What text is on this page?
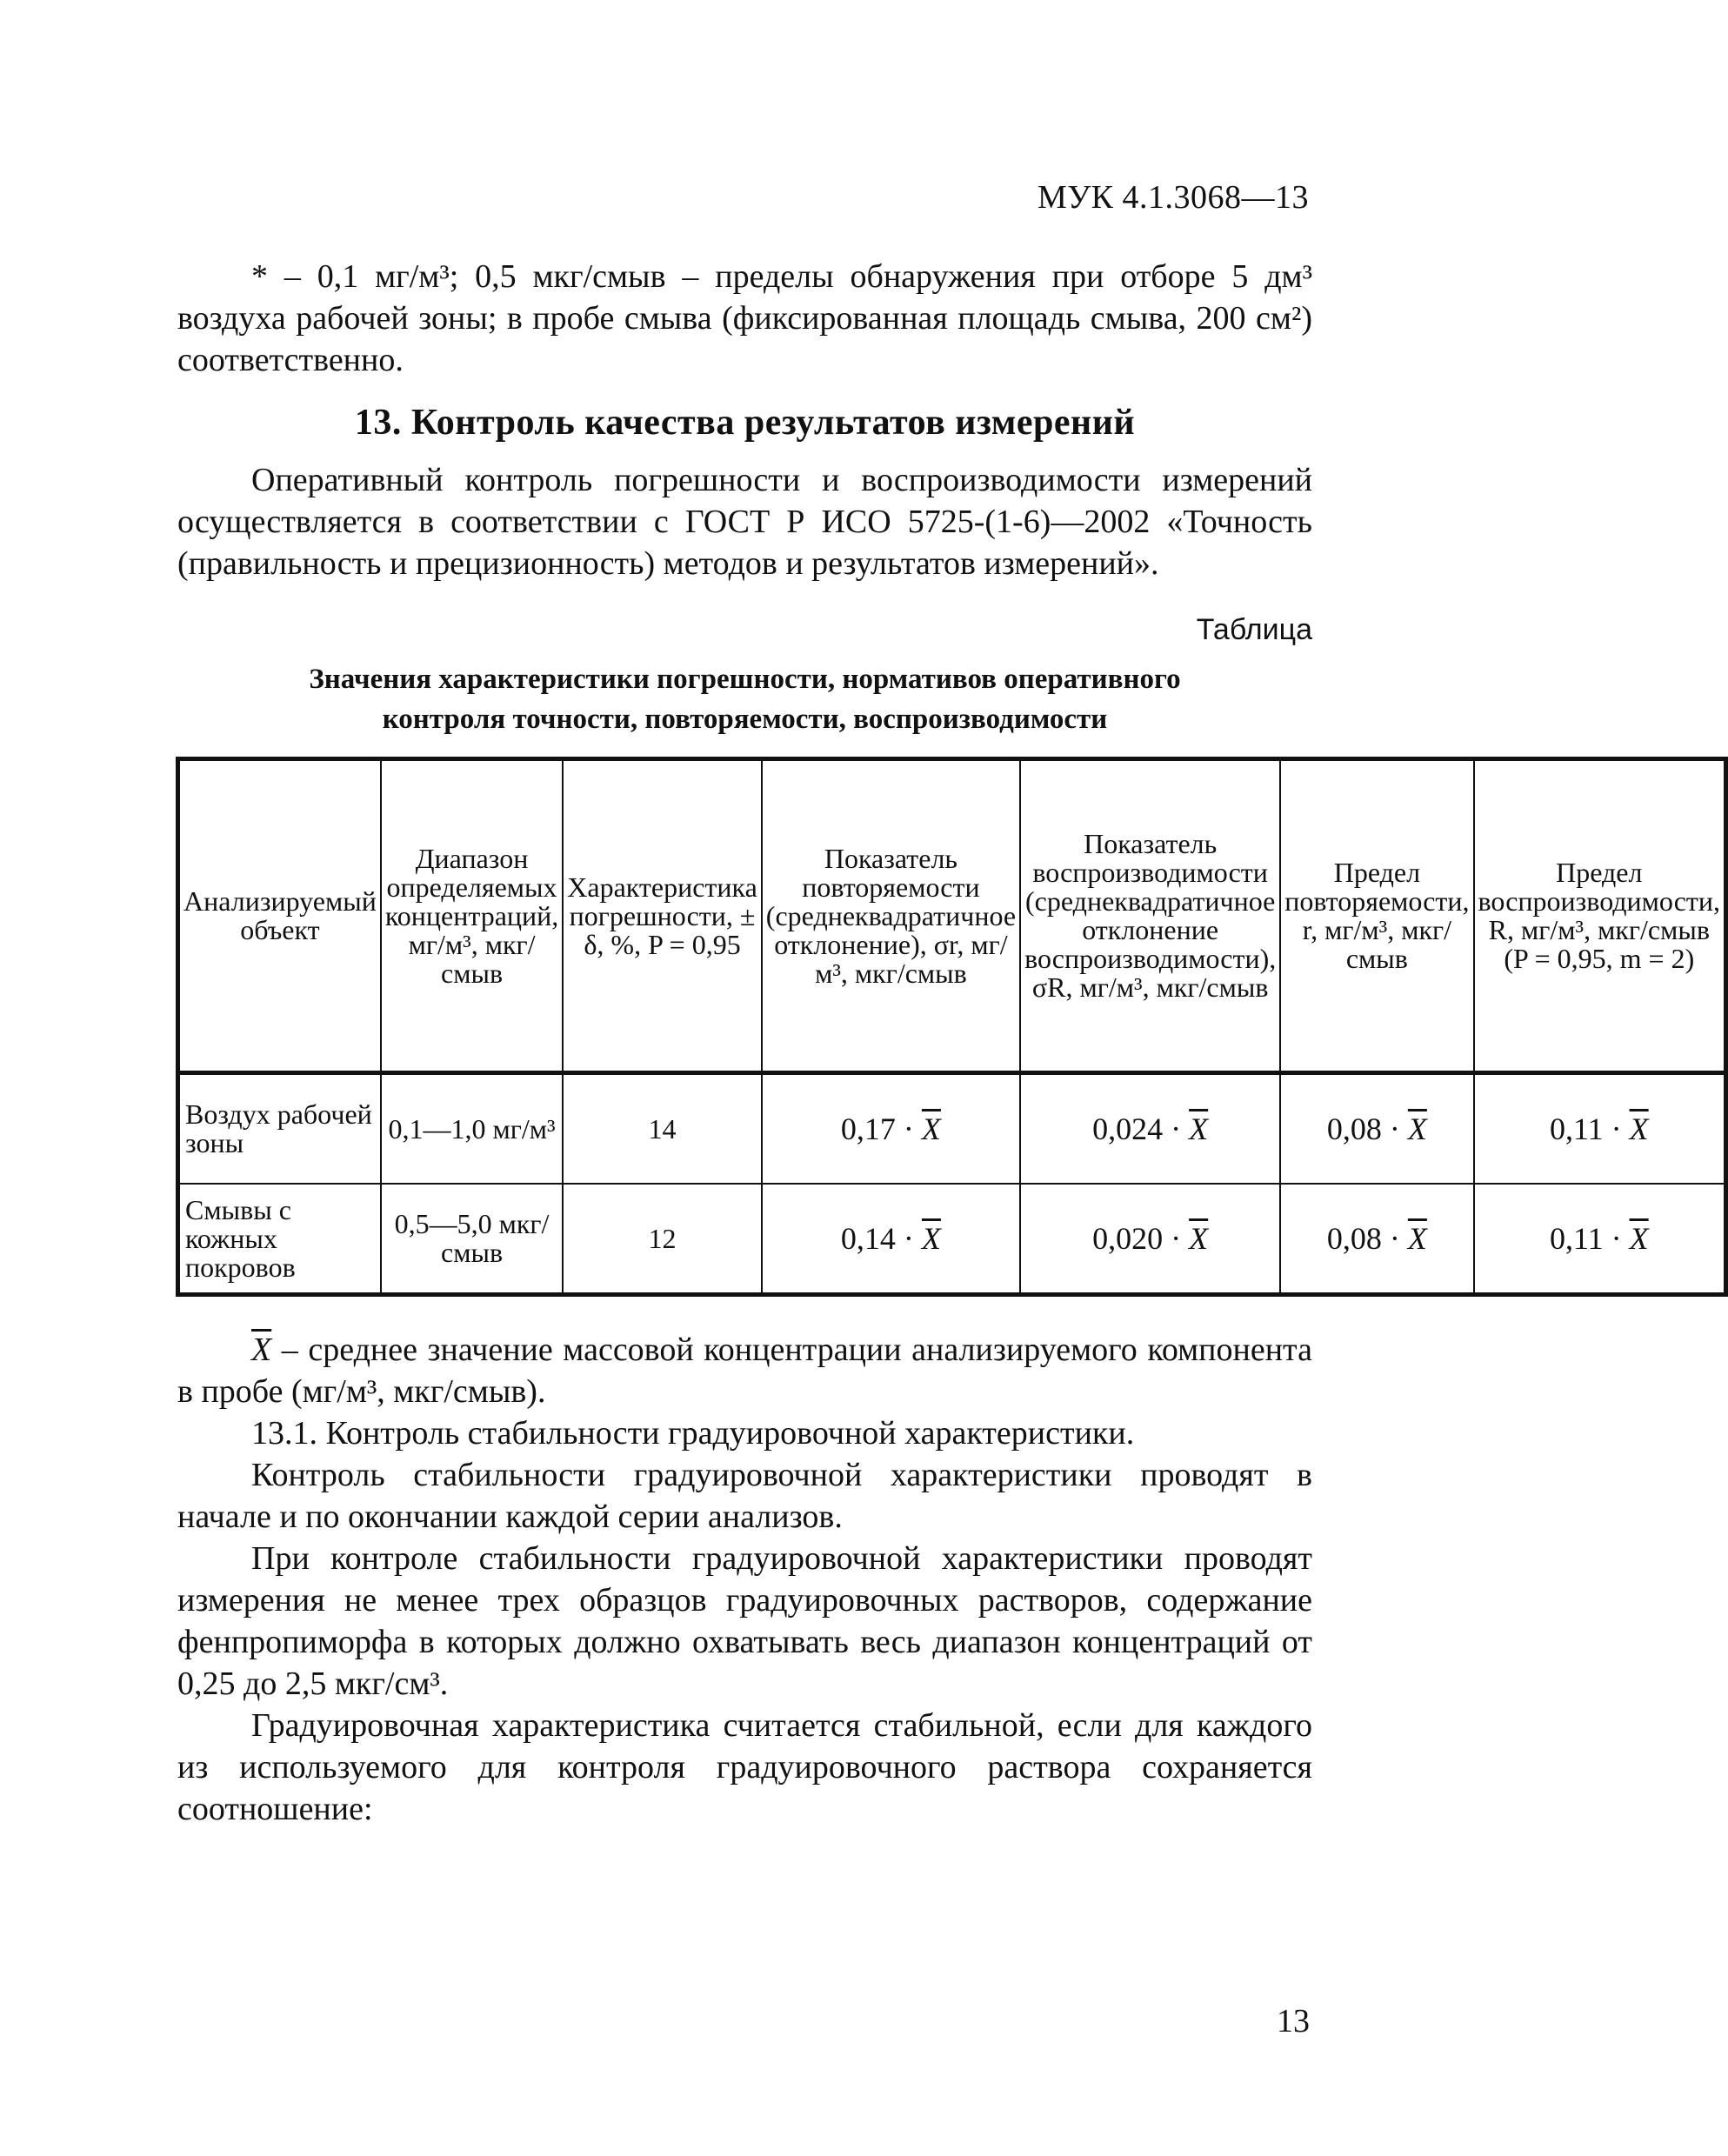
МУК 4.1.3068—13

* – 0,1 мг/м³; 0,5 мкг/смыв – пределы обнаружения при отборе 5 дм³ воздуха рабочей зоны; в пробе смыва (фиксированная площадь смыва, 200 см²) соответственно.

13. Контроль качества результатов измерений

Оперативный контроль погрешности и воспроизводимости измерений осуществляется в соответствии с ГОСТ Р ИСО 5725-(1-6)—2002 «Точность (правильность и прецизионность) методов и результатов измерений».

Таблица
Значения характеристики погрешности, нормативов оперативного
контроля точности, повторяемости, воспроизводимости
Анализируемый объект	Диапазон определяемых концентраций, мг/м³, мкг/смыв	Характеристика погрешности, ± δ, %, P = 0,95	Показатель повторяемости (среднеквадратичное отклонение), σr, мг/м³, мкг/смыв	Показатель воспроизводимости (среднеквадратичное отклонение воспроизводимости), σR, мг/м³, мкг/смыв	Предел повторяемости, r, мг/м³, мкг/смыв	Предел воспроизводимости, R, мг/м³, мкг/смыв (P = 0,95, m = 2)
Воздух рабочей зоны	0,1—1,0 мг/м³	14	$0,17 \cdot \overline{X}$	$0,024 \cdot \overline{X}$	$0,08 \cdot \overline{X}$	$0,11 \cdot \overline{X}$
Смывы с кожных покровов	0,5—5,0 мкг/смыв	12	$0,14 \cdot \overline{X}$	$0,020 \cdot \overline{X}$	$0,08 \cdot \overline{X}$	$0,11 \cdot \overline{X}$

$\overline{X}$ – среднее значение массовой концентрации анализируемого компонента в пробе (мг/м³, мкг/смыв).

13.1. Контроль стабильности градуировочной характеристики.

Контроль стабильности градуировочной характеристики проводят в начале и по окончании каждой серии анализов.

При контроле стабильности градуировочной характеристики проводят измерения не менее трех образцов градуировочных растворов, содержание фенпропиморфа в которых должно охватывать весь диапазон концентраций от 0,25 до 2,5 мкг/см³.

Градуировочная характеристика считается стабильной, если для каждого из используемого для контроля градуировочного раствора сохраняется соотношение:

13
